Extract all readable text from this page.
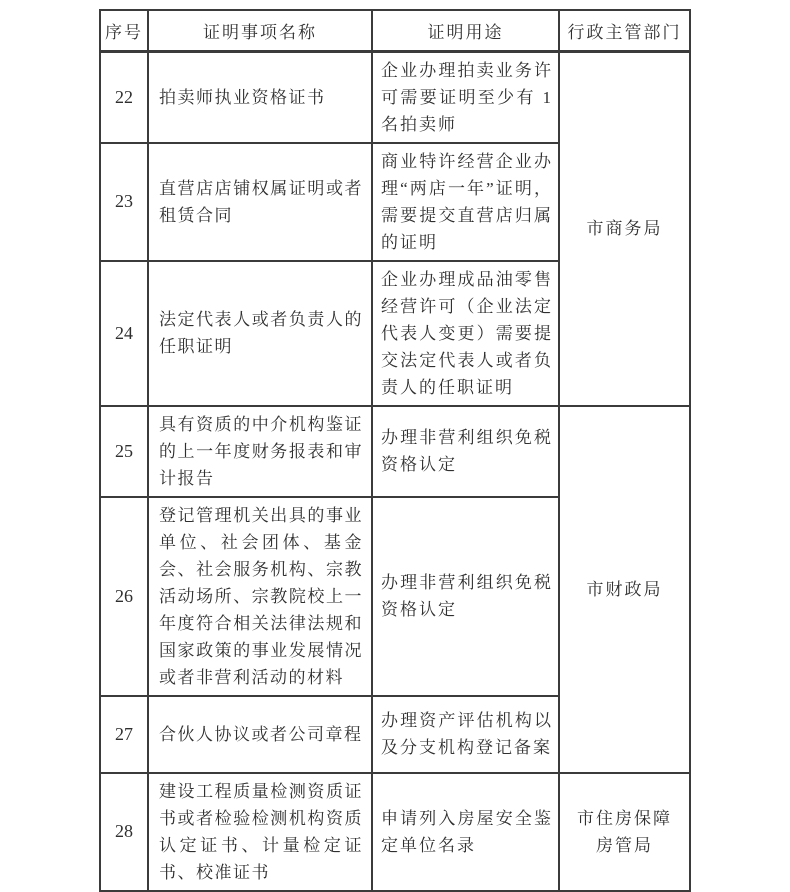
序号	证明事项名称	证明用途	行政主管部门
22	拍卖师执业资格证书	企业办理拍卖业务许可需要证明至少有 1 名拍卖师	市商务局
23	直营店店铺权属证明或者租赁合同	商业特许经营企业办理“两店一年”证明，需要提交直营店归属的证明	
24	法定代表人或者负责人的任职证明	企业办理成品油零售经营许可（企业法定代表人变更）需要提交法定代表人或者负责人的任职证明	
25	具有资质的中介机构鉴证的上一年度财务报表和审计报告	办理非营利组织免税资格认定	市财政局
26	登记管理机关出具的事业单位、社会团体、基金会、社会服务机构、宗教活动场所、宗教院校上一年度符合相关法律法规和国家政策的事业发展情况或者非营利活动的材料	办理非营利组织免税资格认定	
27	合伙人协议或者公司章程	办理资产评估机构以及分支机构登记备案	
28	建设工程质量检测资质证书或者检验检测机构资质认定证书、计量检定证书、校准证书	申请列入房屋安全鉴定单位名录	市住房保障房管局
